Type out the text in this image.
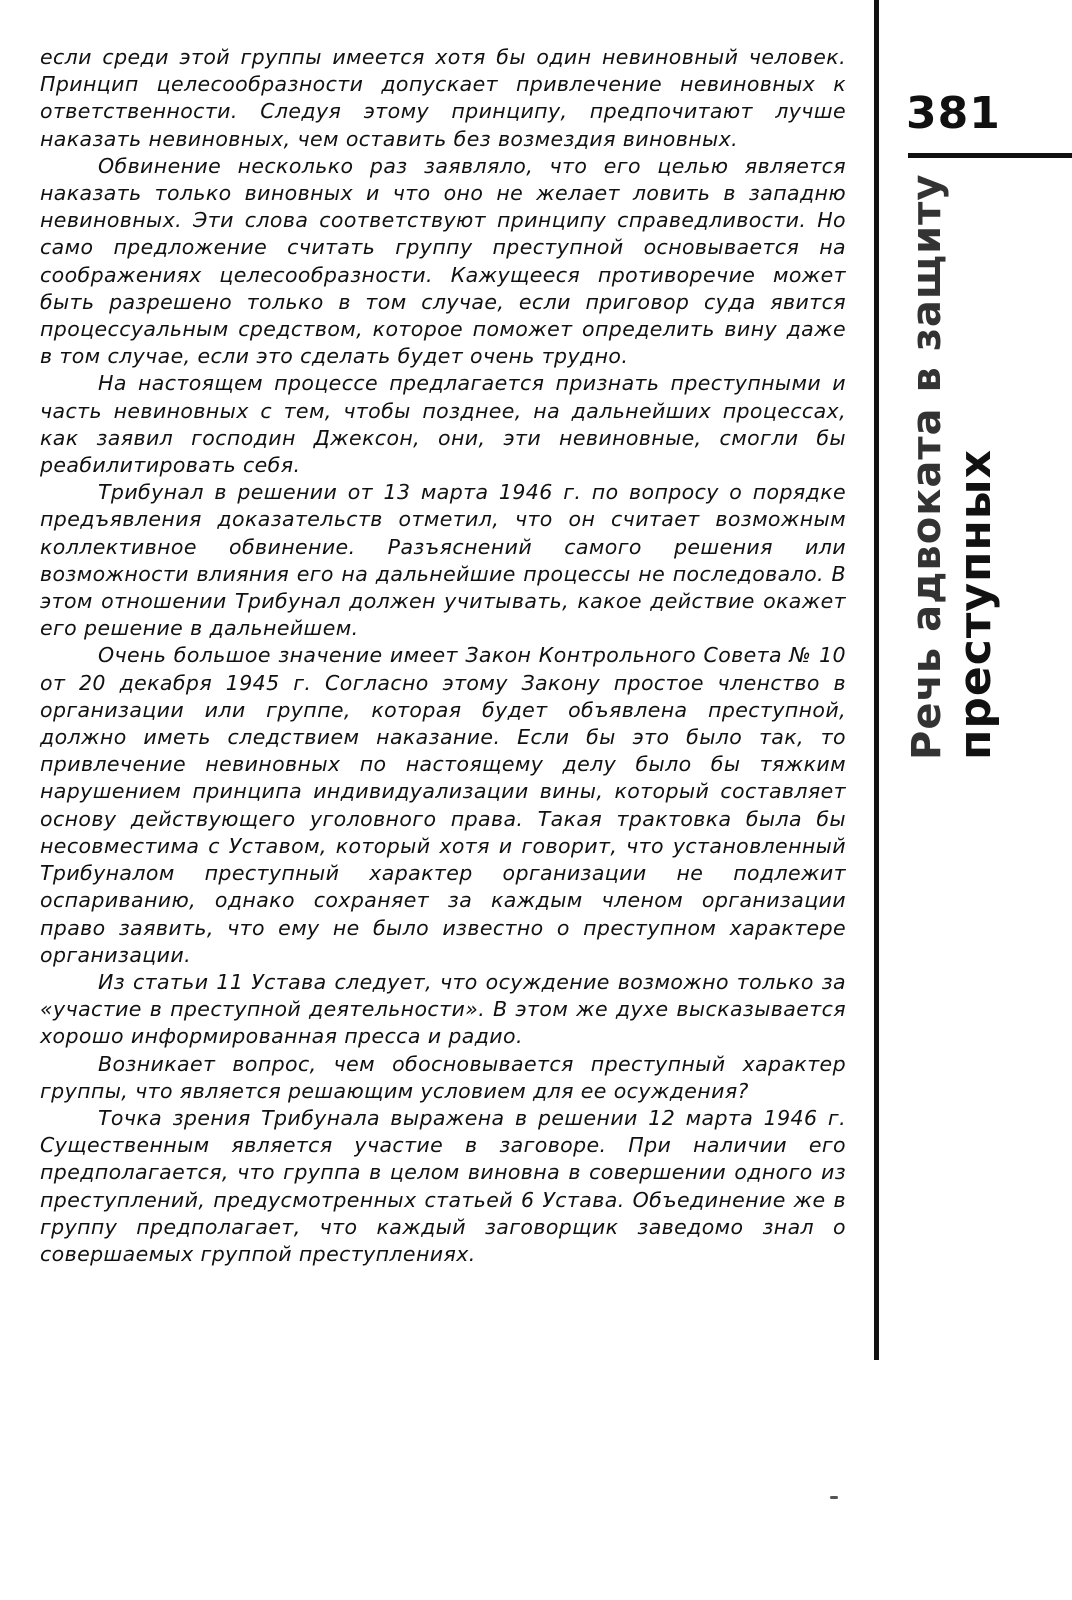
если среди этой группы имеется хотя бы один невиновный человек. Принцип целесообразности допускает привлечение невиновных к ответственности. Следуя этому принципу, предпочитают лучше наказать невиновных, чем оставить без возмездия виновных.

Обвинение несколько раз заявляло, что его целью является наказать только виновных и что оно не желает ловить в западню невиновных. Эти слова соответствуют принципу справедливости. Но само предложение считать группу преступной основывается на соображениях целесообразности. Кажущееся противоречие может быть разрешено только в том случае, если приговор суда явится процессуальным средством, которое поможет определить вину даже в том случае, если это сделать будет очень трудно.

На настоящем процессе предлагается признать преступными и часть невиновных с тем, чтобы позднее, на дальнейших процессах, как заявил господин Джексон, они, эти невиновные, смогли бы реабилитировать себя.

Трибунал в решении от 13 марта 1946 г. по вопросу о порядке предъявления доказательств отметил, что он считает возможным коллективное обвинение. Разъяснений самого решения или возможности влияния его на дальнейшие процессы не последовало. В этом отношении Трибунал должен учитывать, какое действие окажет его решение в дальнейшем.

Очень большое значение имеет Закон Контрольного Совета № 10 от 20 декабря 1945 г. Согласно этому Закону простое членство в организации или группе, которая будет объявлена преступной, должно иметь следствием наказание. Если бы это было так, то привлечение невиновных по настоящему делу было бы тяжким нарушением принципа индивидуализации вины, который составляет основу действующего уголовного права. Такая трактовка была бы несовместима с Уставом, который хотя и говорит, что установленный Трибуналом преступный характер организации не подлежит оспариванию, однако сохраняет за каждым членом организации право заявить, что ему не было известно о преступном характере организации.

Из статьи 11 Устава следует, что осуждение возможно только за «участие в преступной деятельности». В этом же духе высказывается хорошо информированная пресса и радио.

Возникает вопрос, чем обосновывается преступный характер группы, что является решающим условием для ее осуждения?

Точка зрения Трибунала выражена в решении 12 марта 1946 г. Существенным является участие в заговоре. При наличии его предполагается, что группа в целом виновна в совершении одного из преступлений, предусмотренных статьей 6 Устава. Объединение же в группу предполагает, что каждый заговорщик заведомо знал о совершаемых группой преступлениях.

381
Речь адвоката в защиту преступных
